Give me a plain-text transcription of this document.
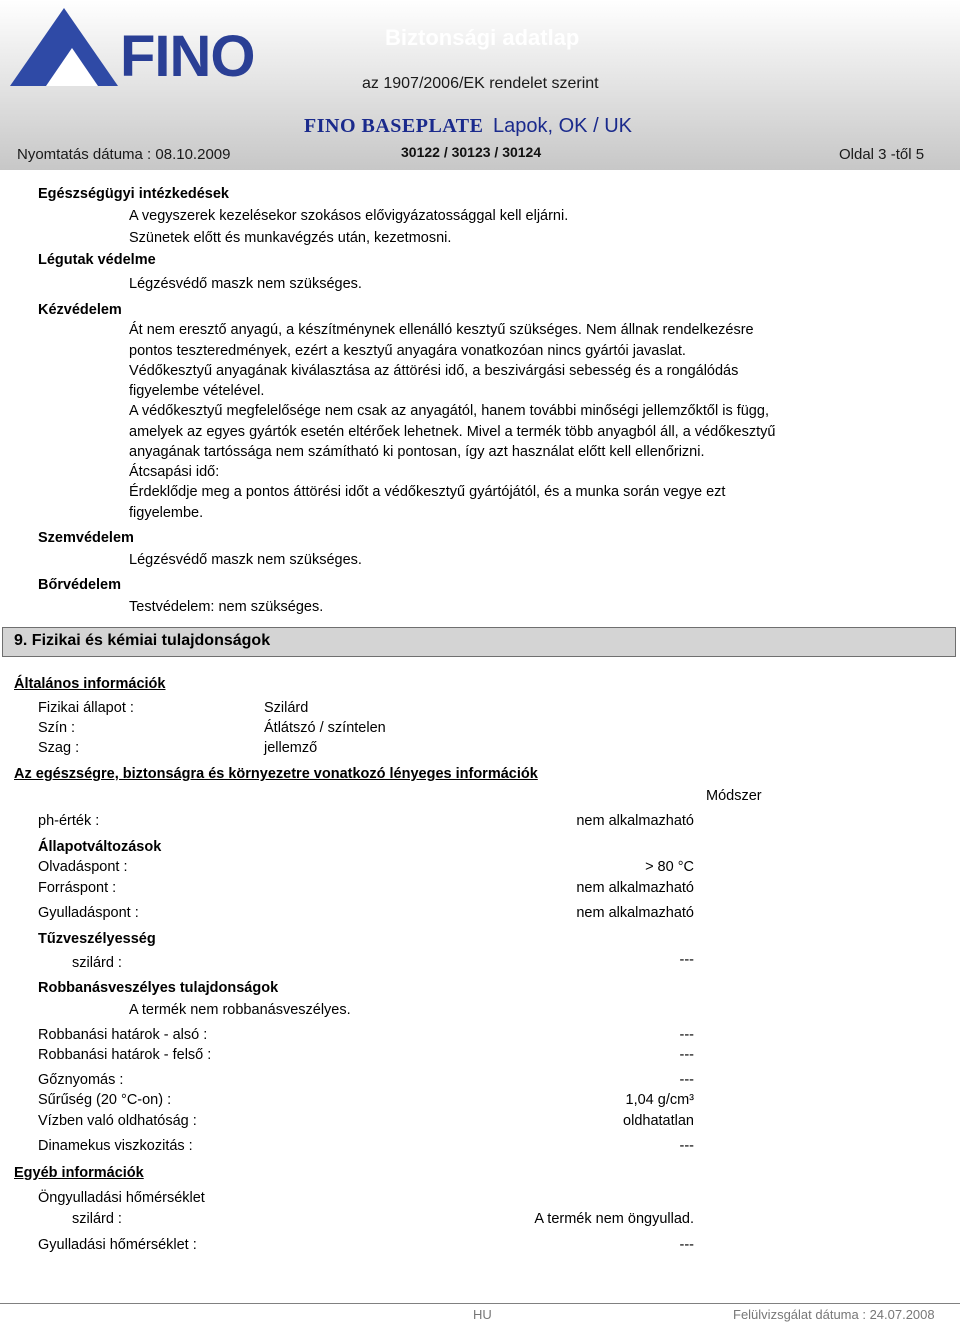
FINO	Biztonsági adatlap
az 1907/2006/EK rendelet szerint
FINO BASEPLATE Lapok, OK / UK
Nyomtatás dátuma : 08.10.2009	30122 / 30123 / 30124	Oldal 3 -től 5
Egészségügyi intézkedések
A vegyszerek kezelésekor szokásos elővigyázatossággal kell eljárni.
Szünetek előtt és munkavégzés után, kezetmosni.
Légutak védelme
Légzésvédő maszk nem szükséges.
Kézvédelem
Át nem eresztő anyagú, a készítménynek ellenálló kesztyű szükséges. Nem állnak rendelkezésre
pontos teszteredmények, ezért a kesztyű anyagára vonatkozóan nincs gyártói javaslat.
Védőkesztyű anyagának kiválasztása az áttörési idő, a beszivárgási sebesség és a rongálódás
figyelembe vételével.
A védőkesztyű megfelelősége nem csak az anyagától, hanem további minőségi jellemzőktől is függ,
amelyek az egyes gyártók esetén eltérőek lehetnek. Mivel a termék több anyagból áll, a védőkesztyű
anyagának tartóssága nem számítható ki pontosan, így azt használat előtt kell ellenőrizni.
Átcsapási idő:
Érdeklődje meg a pontos áttörési időt a védőkesztyű gyártójától, és a munka során vegye ezt
figyelembe.
Szemvédelem
Légzésvédő maszk nem szükséges.
Bőrvédelem
Testvédelem: nem szükséges.
9. Fizikai és kémiai tulajdonságok
Általános információk
Fizikai állapot :	Szilárd
Szín :	Átlátszó / színtelen
Szag :	jellemző
Az egészségre, biztonságra és környezetre vonatkozó lényeges információk
Módszer
ph-érték :	nem alkalmazható
Állapotváltozások
Olvadáspont :	> 80 °C
Forráspont :	nem alkalmazható
Gyulladáspont :	nem alkalmazható
Tűzveszélyesség
szilárd :	---
Robbanásveszélyes tulajdonságok
A termék nem robbanásveszélyes.
Robbanási határok - alsó :	---
Robbanási határok - felső :	---
Gőznyomás :	---
Sűrűség (20 °C-on) :	1,04 g/cm³
Vízben való oldhatóság :	oldhatatlan
Dinamekus viszkozitás :	---
Egyéb információk
Öngyulladási hőmérséklet
szilárd :	A termék nem öngyullad.
Gyulladási hőmérséklet :	---
HU	Felülvizsgálat dátuma : 24.07.2008
